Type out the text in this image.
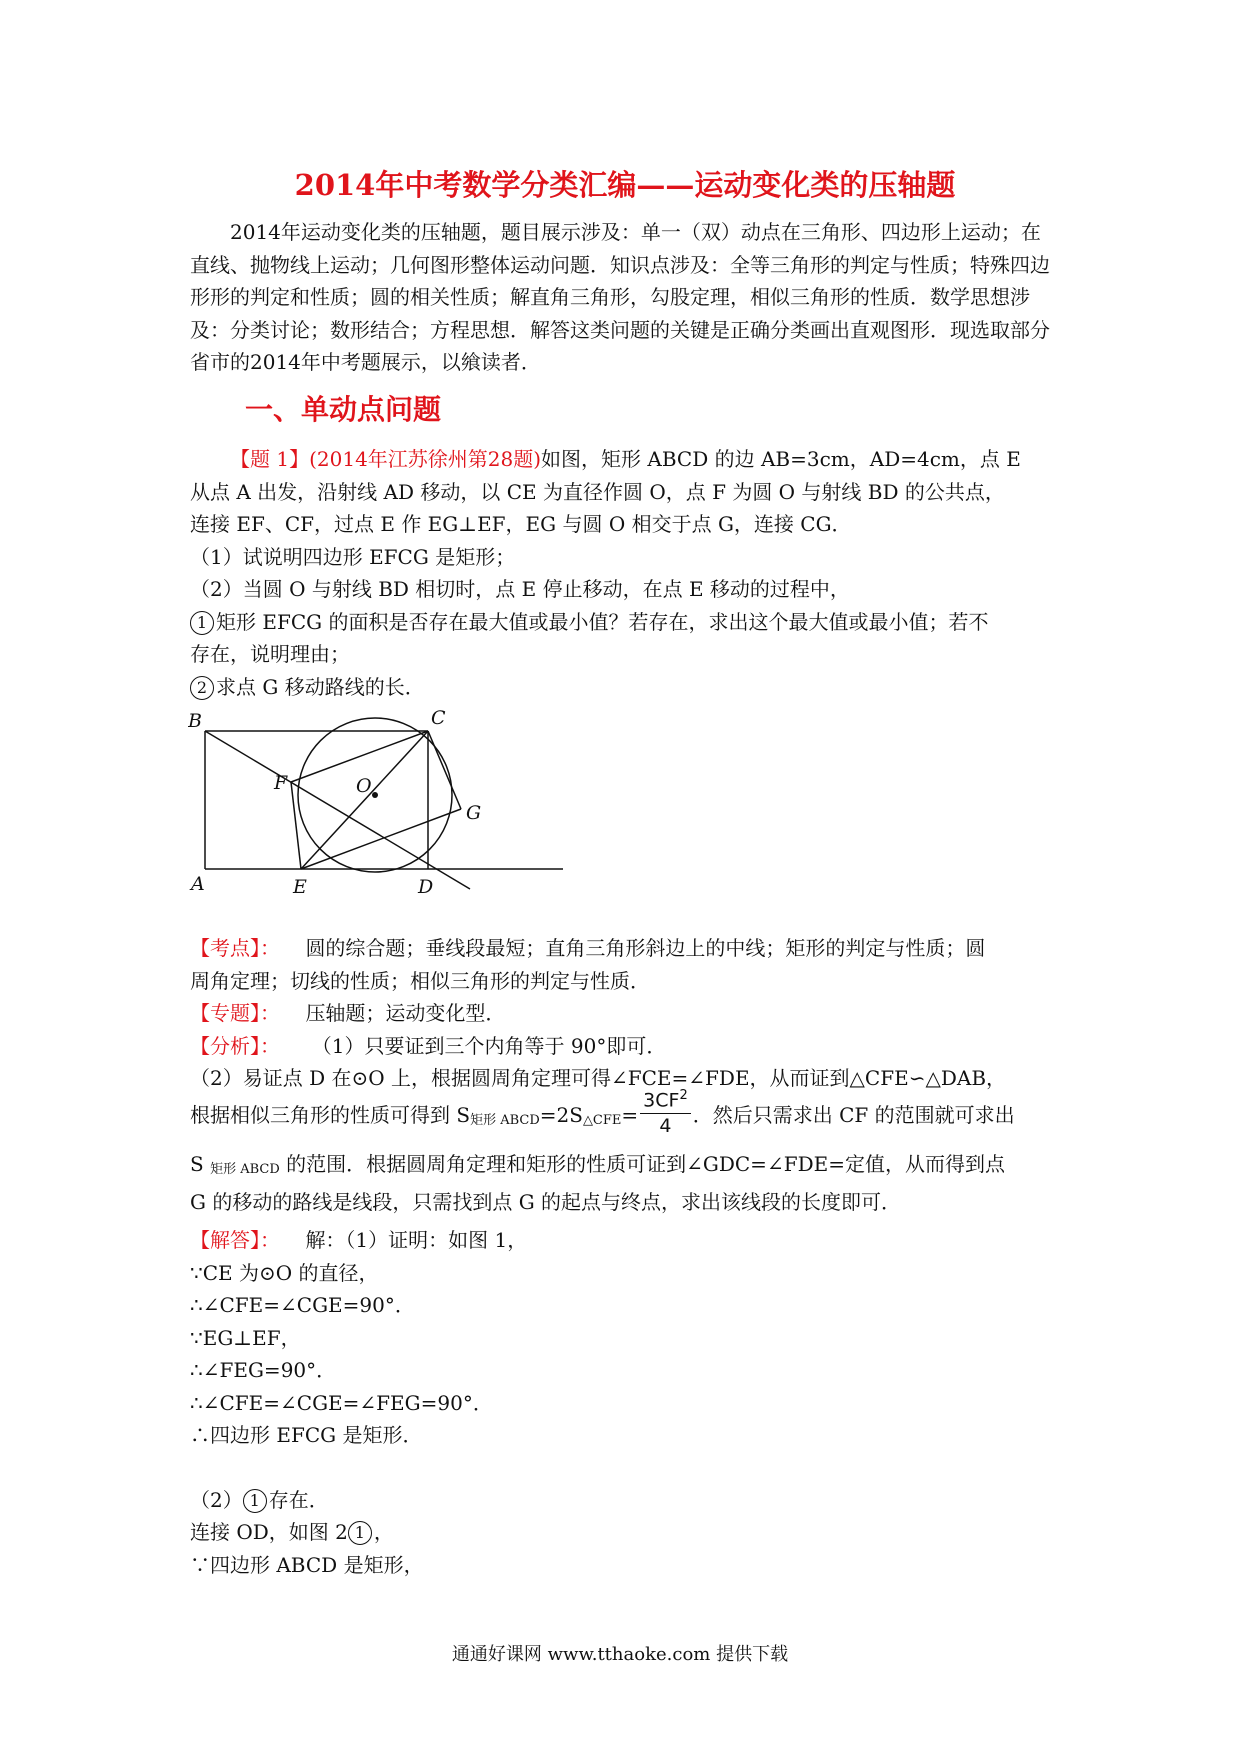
2014年中考数学分类汇编——运动变化类的压轴题

2014年运动变化类的压轴题，题目展示涉及：单一（双）动点在三角形、四边形上运动；在直线、抛物线上运动；几何图形整体运动问题．知识点涉及：全等三角形的判定与性质；特殊四边形形的判定和性质；圆的相关性质；解直角三角形，勾股定理，相似三角形的性质．数学思想涉及：分类讨论；数形结合；方程思想．解答这类问题的关键是正确分类画出直观图形．现选取部分省市的2014年中考题展示，以飨读者．

一、单动点问题
【题 1】(2014年江苏徐州第28题)如图，矩形 ABCD 的边 AB=3cm，AD=4cm，点 E
从点 A 出发，沿射线 AD 移动，以 CE 为直径作圆 O，点 F 为圆 O 与射线 BD 的公共点，
连接 EF、CF，过点 E 作 EG⊥EF，EG 与圆 O 相交于点 G，连接 CG．
（1）试说明四边形 EFCG 是矩形；
（2）当圆 O 与射线 BD 相切时，点 E 停止移动，在点 E 移动的过程中，
1 矩形 EFCG 的面积是否存在最大值或最小值？若存在，求出这个最大值或最小值；若不
存在，说明理由；
2 求点 G 移动路线的长．
B	C
F	O
G
A	E	D
【考点】： 圆的综合题；垂线段最短；直角三角形斜边上的中线；矩形的判定与性质；圆
周角定理；切线的性质；相似三角形的判定与性质．
【专题】： 压轴题；运动变化型．
【分析】： （1）只要证到三个内角等于 90°即可．
（2）易证点 D 在⊙O 上，根据圆周角定理可得∠FCE=∠FDE，从而证到△CFE∽△DAB，
根据相似三角形的性质可得到 S矩形 ABCD=2S△CFE= $\frac{3CF^2}{4}$ ．然后只需求出 CF 的范围就可求出
S 矩形 ABCD 的范围．根据圆周角定理和矩形的性质可证到∠GDC=∠FDE=定值，从而得到点
G 的移动的路线是线段，只需找到点 G 的起点与终点，求出该线段的长度即可．
【解答】： 解：（1）证明：如图 1，
∵CE 为⊙O 的直径，
∴∠CFE=∠CGE=90°．
∵EG⊥EF，
∴∠FEG=90°．
∴∠CFE=∠CGE=∠FEG=90°．
∴四边形 EFCG 是矩形．
（2） 1 存在．
连接 OD，如图 2 1 ，
∵四边形 ABCD 是矩形，
通通好课网 www.tthaoke.com 提供下载
